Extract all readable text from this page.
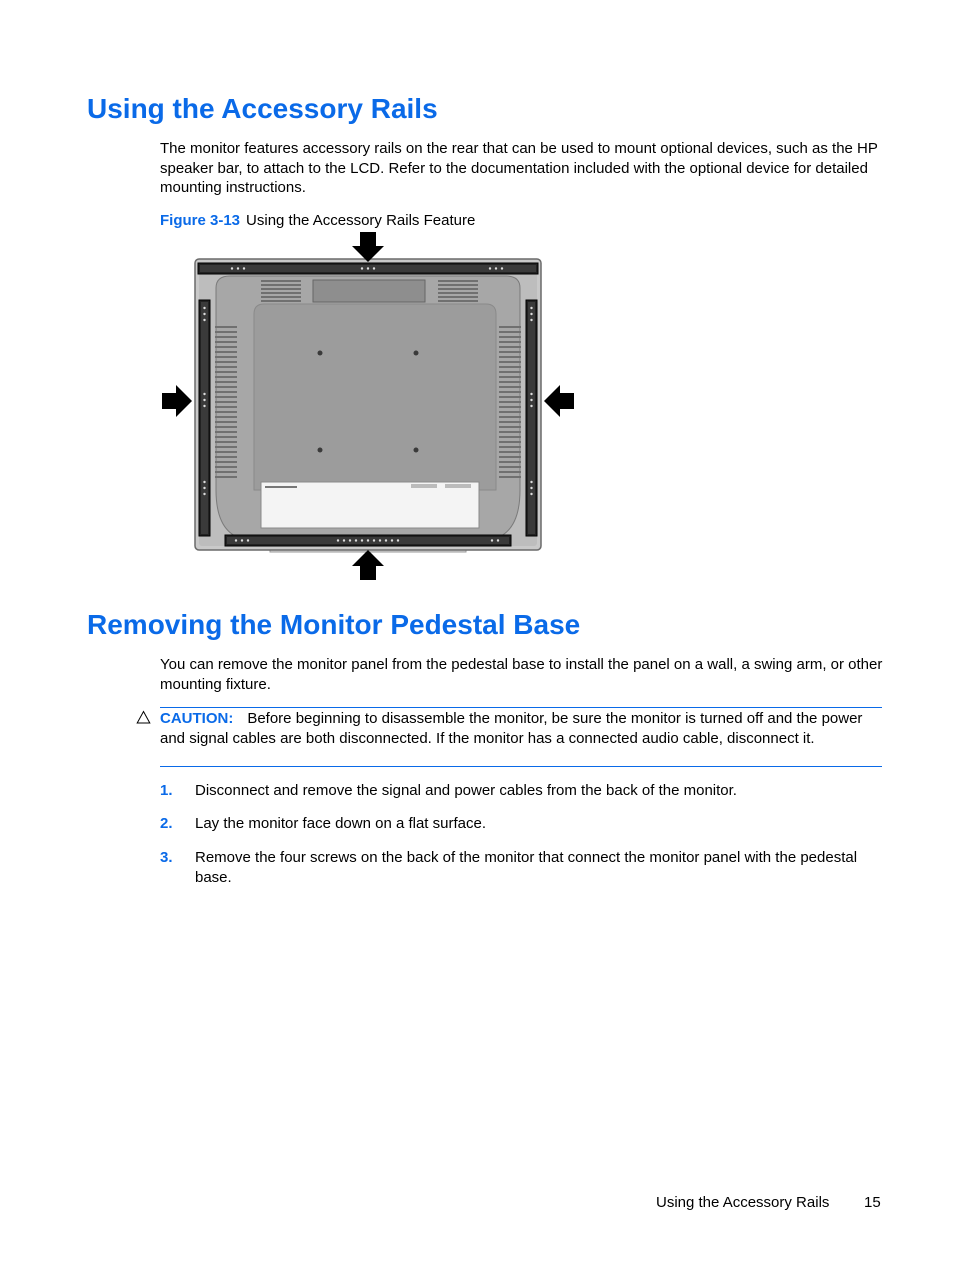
Using the Accessory Rails

The monitor features accessory rails on the rear that can be used to mount optional devices, such as the HP speaker bar, to attach to the LCD. Refer to the documentation included with the optional device for detailed mounting instructions.

Figure 3-13 Using the Accessory Rails Feature
Removing the Monitor Pedestal Base

You can remove the monitor panel from the pedestal base to install the panel on a wall, a swing arm, or other mounting fixture.

CAUTION: Before beginning to disassemble the monitor, be sure the monitor is turned off and the power and signal cables are both disconnected. If the monitor has a connected audio cable, disconnect it.
1. Disconnect and remove the signal and power cables from the back of the monitor.
2. Lay the monitor face down on a flat surface.
3. Remove the four screws on the back of the monitor that connect the monitor panel with the pedestal base.
Using the Accessory Rails 15
